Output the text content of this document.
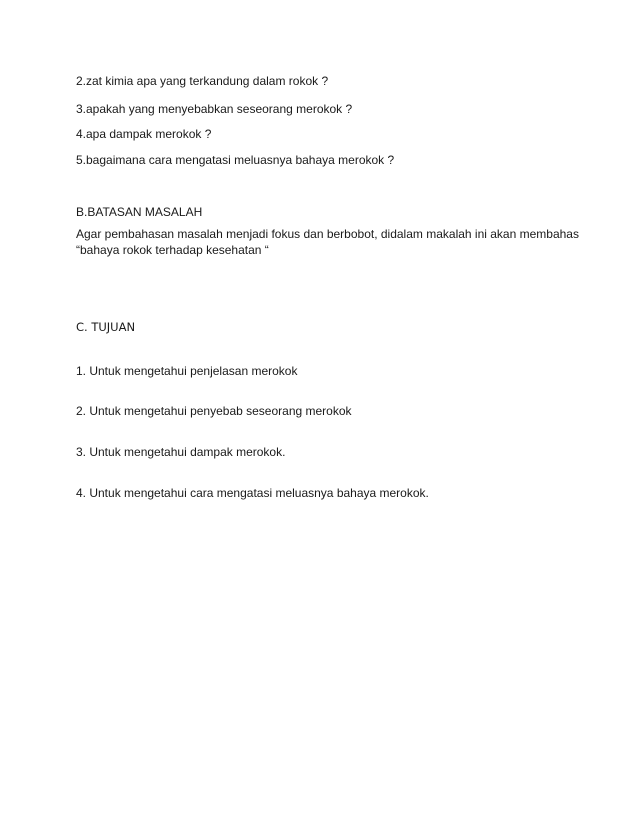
2.zat kimia apa yang terkandung dalam rokok ?
3.apakah yang menyebabkan seseorang merokok ?
4.apa dampak merokok ?
5.bagaimana cara mengatasi meluasnya bahaya merokok ?
B.BATASAN MASALAH
Agar pembahasan masalah menjadi fokus dan berbobot, didalam makalah ini akan membahas
“bahaya rokok terhadap kesehatan “
C. TUJUAN
1. Untuk mengetahui penjelasan merokok
2. Untuk mengetahui penyebab seseorang merokok
3. Untuk mengetahui dampak merokok.
4. Untuk mengetahui cara mengatasi meluasnya bahaya merokok.
